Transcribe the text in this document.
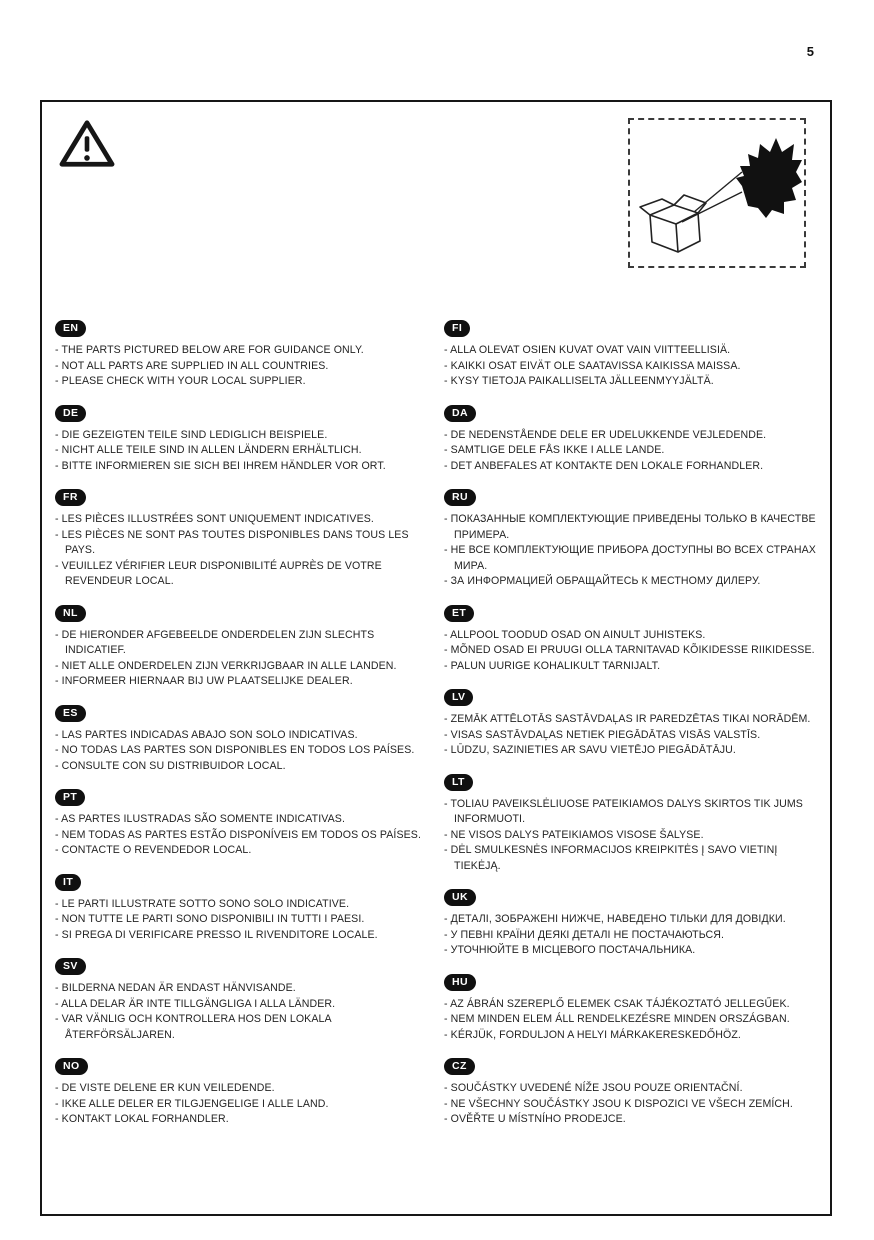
5
EN
- THE PARTS PICTURED BELOW ARE FOR GUIDANCE ONLY.
- NOT ALL PARTS ARE SUPPLIED IN ALL COUNTRIES.
- PLEASE CHECK WITH YOUR LOCAL SUPPLIER.
DE
- DIE GEZEIGTEN TEILE SIND LEDIGLICH BEISPIELE.
- NICHT ALLE TEILE SIND IN ALLEN LÄNDERN ERHÄLTLICH.
- BITTE INFORMIEREN SIE SICH BEI IHREM HÄNDLER VOR ORT.
FR
- LES PIÈCES ILLUSTRÉES SONT UNIQUEMENT INDICATIVES.
- LES PIÈCES NE SONT PAS TOUTES DISPONIBLES DANS TOUS LES PAYS.
- VEUILLEZ VÉRIFIER LEUR DISPONIBILITÉ AUPRÈS DE VOTRE REVENDEUR LOCAL.
NL
- DE HIERONDER AFGEBEELDE ONDERDELEN ZIJN SLECHTS INDICATIEF.
- NIET ALLE ONDERDELEN ZIJN VERKRIJGBAAR IN ALLE LANDEN.
- INFORMEER HIERNAAR BIJ UW PLAATSELIJKE DEALER.
ES
- LAS PARTES INDICADAS ABAJO SON SOLO INDICATIVAS.
- NO TODAS LAS PARTES SON DISPONIBLES EN TODOS LOS PAÍSES.
- CONSULTE CON SU DISTRIBUIDOR LOCAL.
PT
- AS PARTES ILUSTRADAS SÃO SOMENTE INDICATIVAS.
- NEM TODAS AS PARTES ESTÃO DISPONÍVEIS EM TODOS OS PAÍSES.
- CONTACTE O REVENDEDOR LOCAL.
IT
- LE PARTI ILLUSTRATE SOTTO SONO SOLO INDICATIVE.
- NON TUTTE LE PARTI SONO DISPONIBILI IN TUTTI I PAESI.
- SI PREGA DI VERIFICARE PRESSO IL RIVENDITORE LOCALE.
SV
- BILDERNA NEDAN ÄR ENDAST HÄNVISANDE.
- ALLA DELAR ÄR INTE TILLGÄNGLIGA I ALLA LÄNDER.
- VAR VÄNLIG OCH KONTROLLERA HOS DEN LOKALA ÅTERFÖRSÄLJAREN.
NO
- DE VISTE DELENE ER KUN VEILEDENDE.
- IKKE ALLE DELER ER TILGJENGELIGE I ALLE LAND.
- KONTAKT LOKAL FORHANDLER.
FI
- ALLA OLEVAT OSIEN KUVAT OVAT VAIN VIITTEELLISIÄ.
- KAIKKI OSAT EIVÄT OLE SAATAVISSA KAIKISSA MAISSA.
- KYSY TIETOJA PAIKALLISELTA JÄLLEENMYYJÄLTÄ.
DA
- DE NEDENSTÅENDE DELE ER UDELUKKENDE VEJLEDENDE.
- SAMTLIGE DELE FÅS IKKE I ALLE LANDE.
- DET ANBEFALES AT KONTAKTE DEN LOKALE FORHANDLER.
RU
- ПОКАЗАННЫЕ КОМПЛЕКТУЮЩИЕ ПРИВЕДЕНЫ ТОЛЬКО В КАЧЕСТВЕ ПРИМЕРА.
- НЕ ВСЕ КОМПЛЕКТУЮЩИЕ ПРИБОРА ДОСТУПНЫ ВО ВСЕХ СТРАНАХ МИРА.
- ЗА ИНФОРМАЦИЕЙ ОБРАЩАЙТЕСЬ К МЕСТНОМУ ДИЛЕРУ.
ET
- ALLPOOL TOODUD OSAD ON AINULT JUHISTEKS.
- MÕNED OSAD EI PRUUGI OLLA TARNITAVAD KÕIKIDESSE RIIKIDESSE.
- PALUN UURIGE KOHALIKULT TARNIJALT.
LV
- ZEMĀK ATTĒLOTĀS SASTĀVDAĻAS IR PAREDZĒTAS TIKAI NORĀDĒM.
- VISAS SASTĀVDAĻAS NETIEK PIEGĀDĀTAS VISĀS VALSTĪS.
- LŪDZU, SAZINIETIES AR SAVU VIETĒJO PIEGĀDĀTĀJU.
LT
- TOLIAU PAVEIKSLĖLIUOSE PATEIKIAMOS DALYS SKIRTOS TIK JUMS INFORMUOTI.
- NE VISOS DALYS PATEIKIAMOS VISOSE ŠALYSE.
- DĖL SMULKESNĖS INFORMACIJOS KREIPKITĖS Į SAVO VIETINĮ TIEKĖJĄ.
UK
- ДЕТАЛІ, ЗОБРАЖЕНІ НИЖЧЕ, НАВЕДЕНО ТІЛЬКИ ДЛЯ ДОВІДКИ.
- У ПЕВНІ КРАЇНИ ДЕЯКІ ДЕТАЛІ НЕ ПОСТАЧАЮТЬСЯ.
- УТОЧНЮЙТЕ В МІСЦЕВОГО ПОСТАЧАЛЬНИКА.
HU
- AZ ÁBRÁN SZEREPLŐ ELEMEK CSAK TÁJÉKOZTATÓ JELLEGŰEK.
- NEM MINDEN ELEM ÁLL RENDELKEZÉSRE MINDEN ORSZÁGBAN.
- KÉRJÜK, FORDULJON A HELYI MÁRKAKERESKEDŐHÖZ.
CZ
- SOUČÁSTKY UVEDENÉ NÍŽE JSOU POUZE ORIENTAČNÍ.
- NE VŠECHNY SOUČÁSTKY JSOU K DISPOZICI VE VŠECH ZEMÍCH.
- OVĚŘTE U MÍSTNÍHO PRODEJCE.
